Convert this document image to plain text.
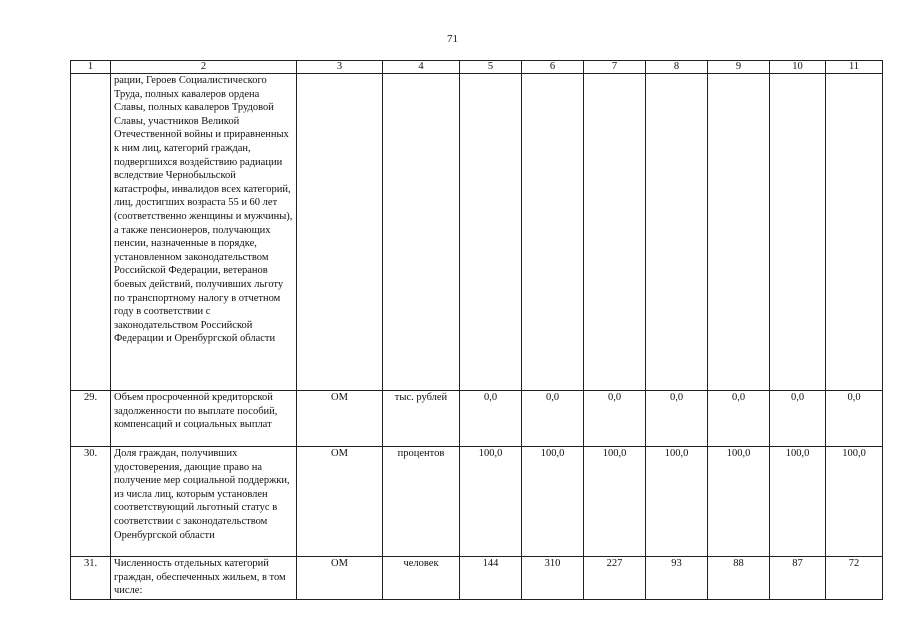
71
1	2	3	4	5	6	7	8	9	10	11
	рации, Героев Социалистического Труда, полных кавалеров ордена Славы, полных кавалеров Трудовой Славы, участников Великой Отечественной войны и приравненных к ним лиц, категорий граждан, подвергшихся воздействию радиации вследствие Чернобыльской катастрофы, инвалидов всех категорий, лиц, достигших возраста 55 и 60 лет (соответственно женщины и мужчины), а также пенсионеров, получающих пенсии, назначенные в порядке, установленном законодательством Российской Федерации, ветеранов боевых действий, получивших льготу по транспортному налогу в отчетном году в соответствии с законодательством Российской Федерации и Оренбургской области									
29.	Объем просроченной кредиторской задолженности по выплате пособий, компенсаций и социальных выплат	ОМ	тыс. рублей	0,0	0,0	0,0	0,0	0,0	0,0	0,0
30.	Доля граждан, получивших удостоверения, дающие право на получение мер социальной поддержки, из числа лиц, которым установлен соответствующий льготный статус в соответствии с законодательством Оренбургской области	ОМ	процентов	100,0	100,0	100,0	100,0	100,0	100,0	100,0
31.	Численность отдельных категорий граждан, обеспеченных жильем, в том числе:	ОМ	человек	144	310	227	93	88	87	72
